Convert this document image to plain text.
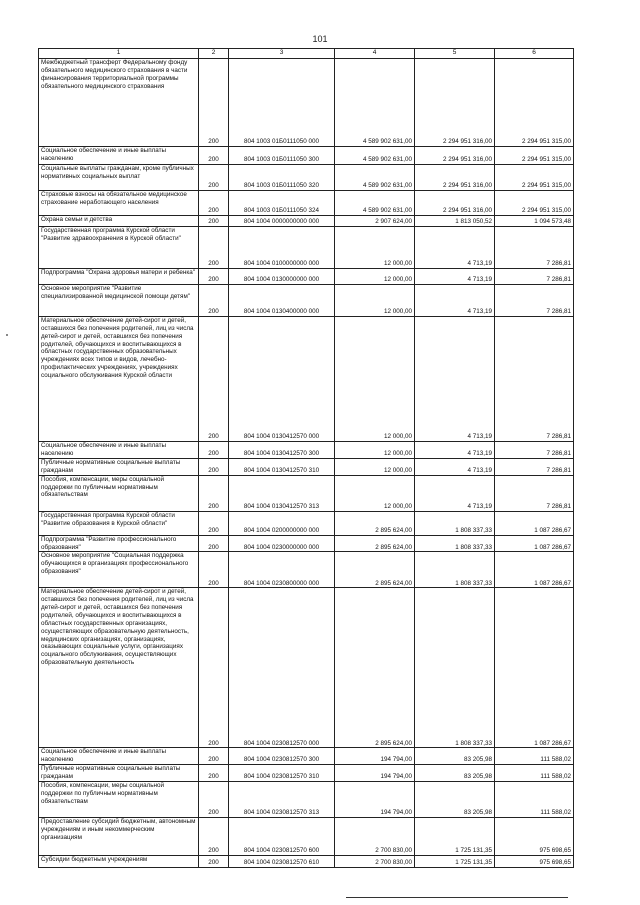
101
1	2	3	4	5	6
Межбюджетный трансферт Федеральному фонду обязательного медицинского страхования в части финансирования территориальной программы обязательного медицинского страхования	200	804 1003 01Б0111050 000	4 589 902 631,00	2 294 951 316,00	2 294 951 315,00
Социальное обеспечение и иные выплаты населению	200	804 1003 01Б0111050 300	4 589 902 631,00	2 294 951 316,00	2 294 951 315,00
Социальные выплаты гражданам, кроме публичных нормативных социальных выплат	200	804 1003 01Б0111050 320	4 589 902 631,00	2 294 951 316,00	2 294 951 315,00
Страховые взносы на обязательное медицинское страхование неработающего населения	200	804 1003 01Б0111050 324	4 589 902 631,00	2 294 951 316,00	2 294 951 315,00
Охрана семьи и детства	200	804 1004 0000000000 000	2 907 624,00	1 813 050,52	1 094 573,48
Государственная программа Курской области "Развитие здравоохранения в Курской области"	200	804 1004 0100000000 000	12 000,00	4 713,19	7 286,81
Подпрограмма "Охрана здоровья матери и ребенка"	200	804 1004 0130000000 000	12 000,00	4 713,19	7 286,81
Основное мероприятие "Развитие специализированной медицинской помощи детям"	200	804 1004 0130400000 000	12 000,00	4 713,19	7 286,81
Материальное обеспечение детей-сирот и детей, оставшихся без попечения родителей, лиц из числа детей-сирот и детей, оставшихся без попечения родителей, обучающихся и воспитывающихся в областных государственных образовательных учреждениях всех типов и видов, лечебно-профилактических учреждениях, учреждениях социального обслуживания Курской области	200	804 1004 0130412570 000	12 000,00	4 713,19	7 286,81
Социальное обеспечение и иные выплаты населению	200	804 1004 0130412570 300	12 000,00	4 713,19	7 286,81
Публичные нормативные социальные выплаты гражданам	200	804 1004 0130412570 310	12 000,00	4 713,19	7 286,81
Пособия, компенсации, меры социальной поддержки по публичным нормативным обязательствам	200	804 1004 0130412570 313	12 000,00	4 713,19	7 286,81
Государственная программа Курской области "Развитие образования в Курской области"	200	804 1004 0200000000 000	2 895 624,00	1 808 337,33	1 087 286,67
Подпрограмма "Развитие профессионального образования"	200	804 1004 0230000000 000	2 895 624,00	1 808 337,33	1 087 286,67
Основное мероприятие "Социальная поддержка обучающихся в организациях профессионального образования"	200	804 1004 0230800000 000	2 895 624,00	1 808 337,33	1 087 286,67
Материальное обеспечение детей-сирот и детей, оставшихся без попечения родителей, лиц из числа детей-сирот и детей, оставшихся без попечения родителей, обучающихся и воспитывающихся в областных государственных организациях, осуществляющих образовательную деятельность, медицинских организациях, организациях, оказывающих социальные услуги, организациях социального обслуживания, осуществляющих образовательную деятельность	200	804 1004 0230812570 000	2 895 624,00	1 808 337,33	1 087 286,67
Социальное обеспечение и иные выплаты населению	200	804 1004 0230812570 300	194 794,00	83 205,98	111 588,02
Публичные нормативные социальные выплаты гражданам	200	804 1004 0230812570 310	194 794,00	83 205,98	111 588,02
Пособия, компенсации, меры социальной поддержки по публичным нормативным обязательствам	200	804 1004 0230812570 313	194 794,00	83 205,98	111 588,02
Предоставление субсидий бюджетным, автономным учреждениям и иным некоммерческим организациям	200	804 1004 0230812570 600	2 700 830,00	1 725 131,35	975 698,65
Субсидии бюджетным учреждениям	200	804 1004 0230812570 610	2 700 830,00	1 725 131,35	975 698,65
